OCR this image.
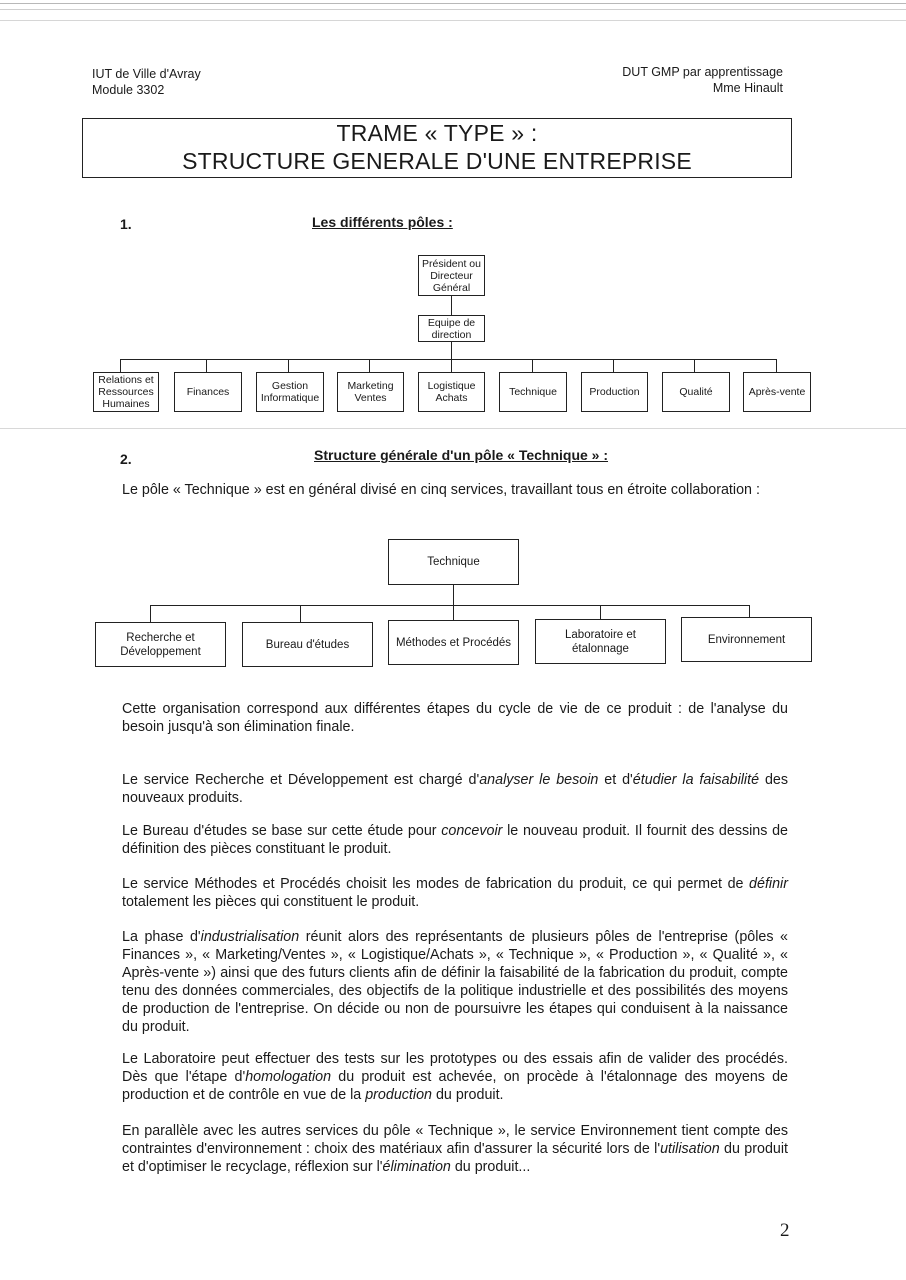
IUT de Ville d'Avray
Module 3302
DUT GMP par apprentissage
Mme Hinault
TRAME « TYPE » :
STRUCTURE GENERALE D'UNE ENTREPRISE
1.	Les différents pôles :
Président ou Directeur Général
Equipe de direction
Relations et Ressources Humaines
Finances	Gestion Informatique
Marketing Ventes
Logistique Achats	Technique	Production	Qualité	Après-vente
2.	Structure générale d'un pôle « Technique » :
Le pôle « Technique » est en général divisé en cinq services, travaillant tous en étroite collaboration :
Technique
Recherche et Développement
Bureau d'études	Méthodes et Procédés
Laboratoire et étalonnage
Environnement
Cette organisation correspond aux différentes étapes du cycle de vie de ce produit : de l'analyse du besoin jusqu'à son élimination finale.
Le service Recherche et Développement est chargé d'analyser le besoin et d'étudier la faisabilité des nouveaux produits.
Le Bureau d'études se base sur cette étude pour concevoir le nouveau produit. Il fournit des dessins de définition des pièces constituant le produit.
Le service Méthodes et Procédés choisit les modes de fabrication du produit, ce qui permet de définir totalement les pièces qui constituent le produit.
La phase d'industrialisation réunit alors des représentants de plusieurs pôles de l'entreprise (pôles « Finances », « Marketing/Ventes », « Logistique/Achats », « Technique », « Production », « Qualité », « Après-vente ») ainsi que des futurs clients afin de définir la faisabilité de la fabrication du produit, compte tenu des données commerciales, des objectifs de la politique industrielle et des possibilités des moyens de production de l'entreprise. On décide ou non de poursuivre les étapes qui conduisent à la naissance du produit.
Le Laboratoire peut effectuer des tests sur les prototypes ou des essais afin de valider des procédés. Dès que l'étape d'homologation du produit est achevée, on procède à l'étalonnage des moyens de production et de contrôle en vue de la production du produit.
En parallèle avec les autres services du pôle « Technique », le service Environnement tient compte des contraintes d'environnement : choix des matériaux afin d'assurer la sécurité lors de l'utilisation du produit et d'optimiser le recyclage, réflexion sur l'élimination du produit...
2
